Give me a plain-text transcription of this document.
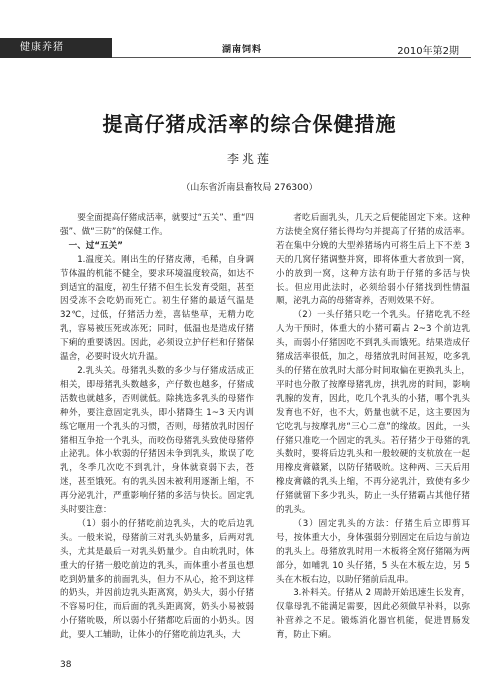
健康养猪	湖南饲料	2010年第2期
提高仔猪成活率的综合保健措施
李兆莲
（山东省沂南县畜牧局 276300）

要全面提高仔猪成活率，就要过“五关”、重“四强”、做“三防”的保健工作。

一、过“五关”

1.温度关。刚出生的仔猪皮薄，毛稀，自身调节体温的机能不健全，要求环境温度较高，如达不到适宜的温度，初生仔猪不但生长发育受阻，甚至因受冻不会吃奶而死亡。初生仔猪的最适气温是32℃，过低，仔猪活力差，喜钻垫草，无精力吃乳，容易被压死或冻死；同时，低温也是造成仔猪下痢的重要诱因。因此，必须设立护仔栏和仔猪保温舍，必要时设火坑升温。

2.乳头关。母猪乳头数的多少与仔猪成活成正相关，即母猪乳头数越多，产仔数也越多，仔猪成活数也就越多，否则就低。除挑选多乳头的母猪作种外，要注意固定乳头，即小猪降生 1~3 天内训练它咂用一个乳头的习惯，否则，母猪放乳时因仔猪相互争抢一个乳头，而咬伤母猪乳头致使母猪停止泌乳。体小软弱的仔猪因未争到乳头，欺误了吃乳，冬季几次吃不到乳汁，身体就衰弱下去，苍迷，甚至饿死。有的乳头因未被利用逐渐上缩，不再分泌乳汁，严重影响仔猪的多活与快长。固定乳头时要注意：

（1）弱小的仔猪吃前边乳头，大的吃后边乳头。一般来说，母猪前三对乳头奶量多，后两对乳头，尤其是最后一对乳头奶量少。自由吮乳时，体重大的仔猪一般吃前边的乳头，而体重小者虽也想吃到奶量多的前面乳头，但力不从心，抢不到这样的奶头，并因前边乳头距离窝，奶头大，弱小仔猪不容易叼住，而后面的乳头距离窝，奶头小易被弱小仔猪吮吸，所以弱小仔猪都吃后面的小奶头。因此，要人工辅助，让体小的仔猪吃前边乳头，大

者吃后面乳头，几天之后便能固定下来。这种方法使全窝仔猪长得均匀并提高了仔猪的成活率。若在集中分娩的大型养猪场内可将生后上下不差 3 天的几窝仔猪调整并窝，即将体重大者放到一窝，小的放到一窝，这种方法有助于仔猪的多活与快长。但应用此法时，必须给弱小仔猪找到性情温顺，泌乳力高的母猪寄养，否则效果不好。

（2）一头仔猪只吃一个乳头。仔猪吃乳不经人为干预时，体重大的小猪可霸占 2~3 个前边乳头，而弱小仔猪因吃不到乳头而饿死。结果造成仔猪成活率很低，加之，母猪放乳时间甚短，吃多乳头的仔猪在放乳时大部分时间取偏在更换乳头上，平时也分散了按摩母猪乳房，拱乳房的时间，影响乳腺的发育，因此，吃几个乳头的小猪，哪个乳头发育也不好，也不大，奶量也就不足，这主要因为它吃乳与按摩乳房“三心二意”的缘故。因此，一头仔猪只准吃一个固定的乳头。若仔猪少于母猪的乳头数时，要将后边乳头和一般较硬的支杭放在一起用橡皮膏赣紧，以防仔猪吸吮。这种两、三天后用橡皮膏赣的乳头上缩，不再分泌乳汁，致使有多少仔猪就留下多少乳头，防止一头仔猪霸占其他仔猪的乳头。

（3）固定乳头的方法：仔猪生后立即剪耳号，按体重大小，身体强弱分别固定在后边与前边的乳头上。母猪放乳时用一木板将全窝仔猪隔为两部分，如哺乳 10 头仔猪，5 头在木板左边，另 5 头在木板右边，以助仔猪前后乱串。

3.补料关。仔猪从 2 周龄开始迅速生长发育，仅靠母乳不能满足需要，因此必须做早补料，以弥补营养之不足。锻炼消化器官机能，促进胃肠发育，防止下痢。

38
